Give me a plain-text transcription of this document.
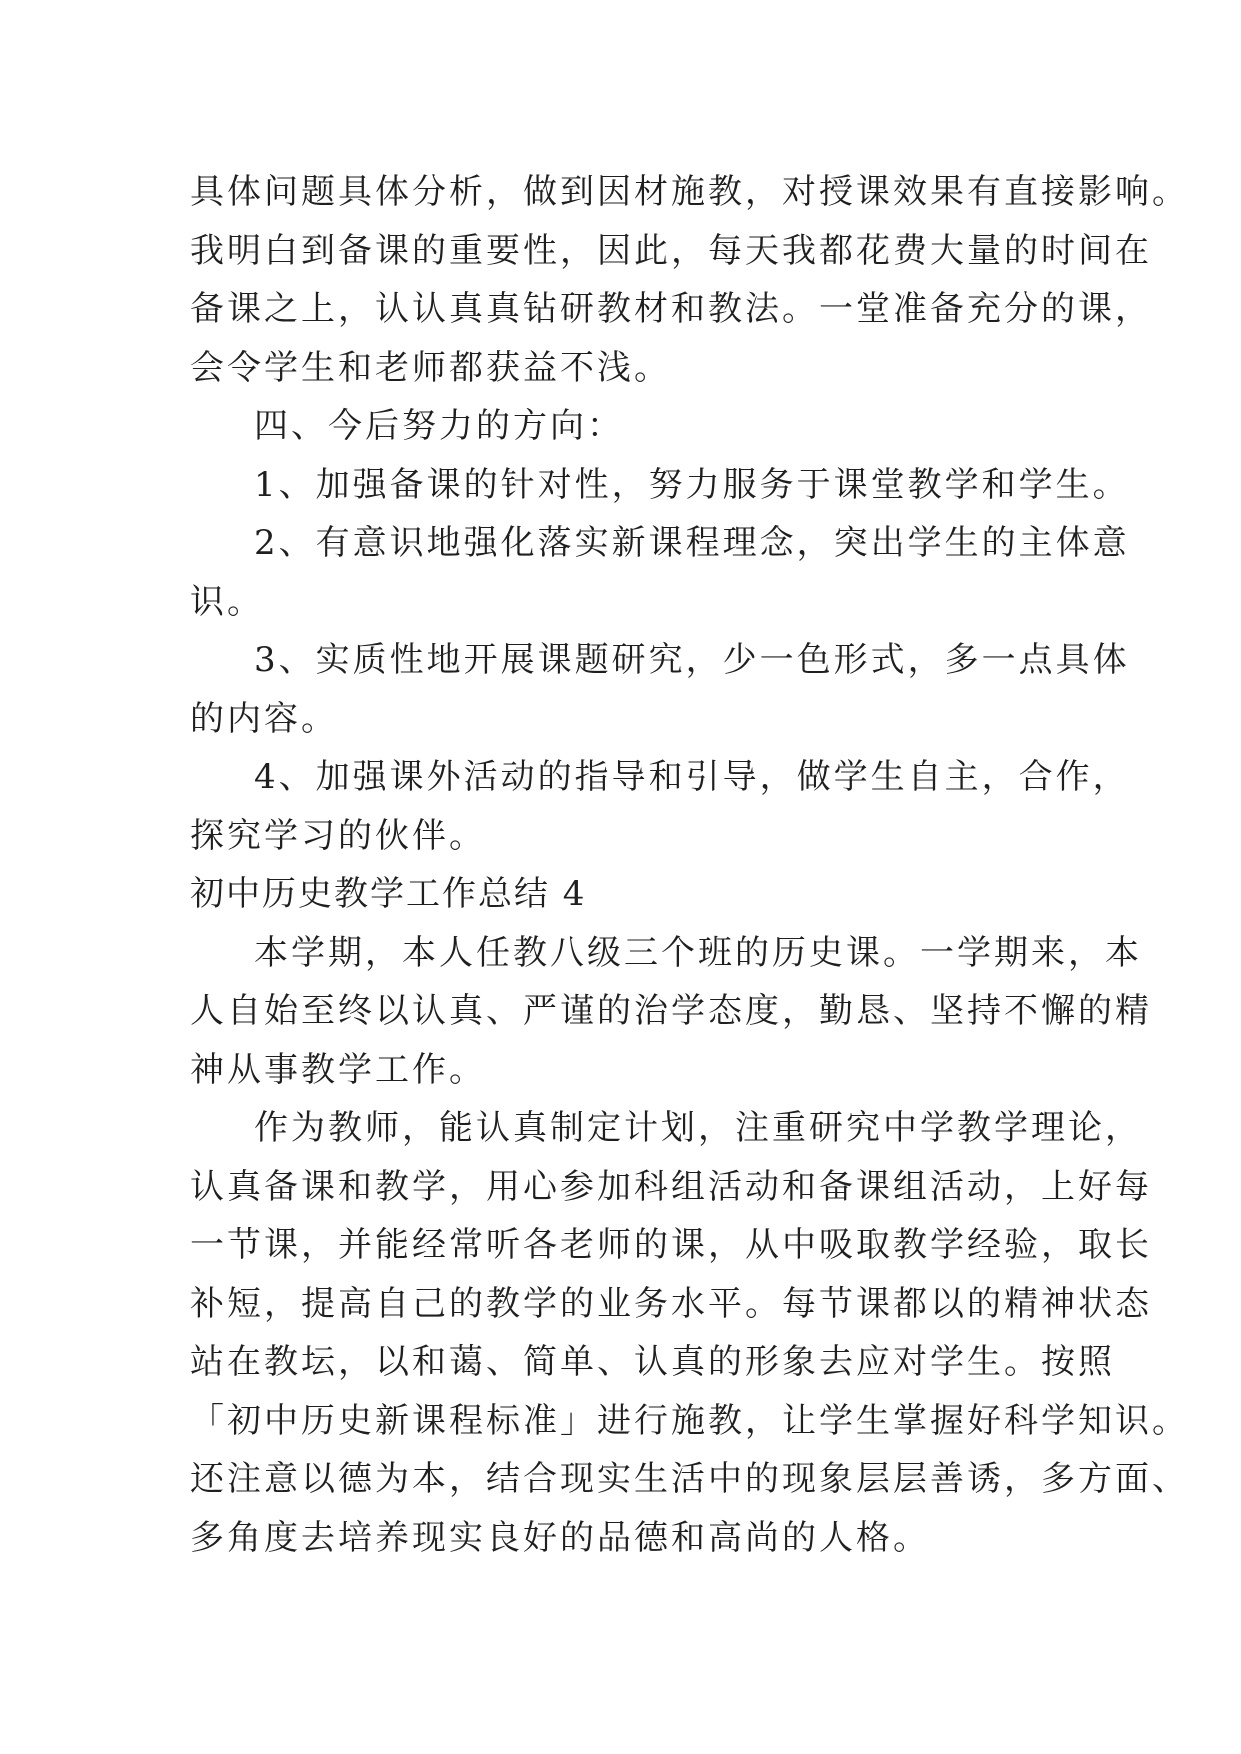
具体问题具体分析，做到因材施教，对授课效果有直接影响。
我明白到备课的重要性，因此，每天我都花费大量的时间在
备课之上，认认真真钻研教材和教法。一堂准备充分的课，
会令学生和老师都获益不浅。
四、今后努力的方向：
1、加强备课的针对性，努力服务于课堂教学和学生。
2、有意识地强化落实新课程理念，突出学生的主体意
识。
3、实质性地开展课题研究，少一色形式，多一点具体
的内容。
4、加强课外活动的指导和引导，做学生自主，合作，
探究学习的伙伴。
初中历史教学工作总结 4
本学期，本人任教八级三个班的历史课。一学期来，本
人自始至终以认真、严谨的治学态度，勤恳、坚持不懈的精
神从事教学工作。
作为教师，能认真制定计划，注重研究中学教学理论，
认真备课和教学，用心参加科组活动和备课组活动，上好每
一节课，并能经常听各老师的课，从中吸取教学经验，取长
补短，提高自己的教学的业务水平。每节课都以的精神状态
站在教坛，以和蔼、简单、认真的形象去应对学生。按照
「初中历史新课程标准」进行施教，让学生掌握好科学知识。
还注意以德为本，结合现实生活中的现象层层善诱，多方面、
多角度去培养现实良好的品德和高尚的人格。
